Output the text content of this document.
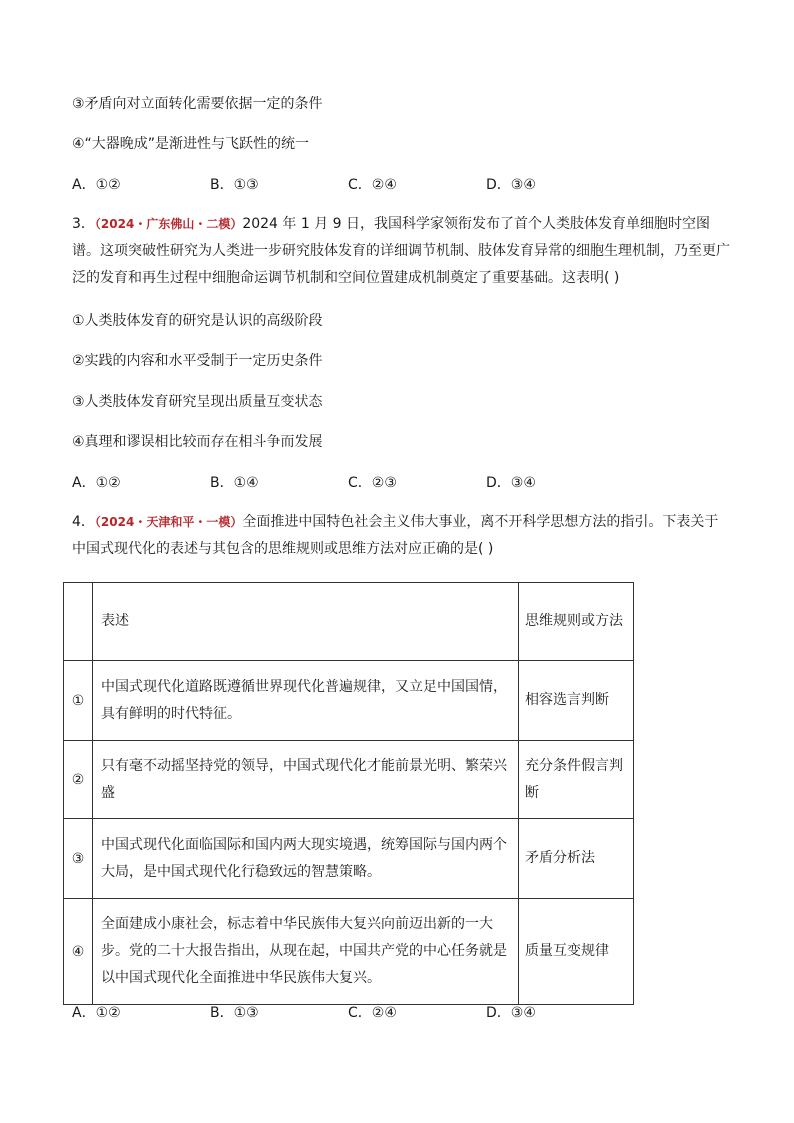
③矛盾向对立面转化需要依据一定的条件
④“大器晚成”是渐进性与飞跃性的统一
A．①②	B．①③	C．②④	D．③④
3．（2024・广东佛山・二模）2024 年 1 月 9 日，我国科学家领衔发布了首个人类肢体发育单细胞时空图谱。这项突破性研究为人类进一步研究肢体发育的详细调节机制、肢体发育异常的细胞生理机制，乃至更广泛的发育和再生过程中细胞命运调节机制和空间位置建成机制奠定了重要基础。这表明( )
①人类肢体发育的研究是认识的高级阶段
②实践的内容和水平受制于一定历史条件
③人类肢体发育研究呈现出质量互变状态
④真理和谬误相比较而存在相斗争而发展
A．①②	B．①④	C．②③	D．③④
4．（2024・天津和平・一模）全面推进中国特色社会主义伟大事业，离不开科学思想方法的指引。下表关于中国式现代化的表述与其包含的思维规则或思维方法对应正确的是( )
	表述	思维规则或方法
①	中国式现代化道路既遵循世界现代化普遍规律，又立足中国国情，具有鲜明的时代特征。	相容选言判断
②	只有毫不动摇坚持党的领导，中国式现代化才能前景光明、繁荣兴盛	充分条件假言判断
③	中国式现代化面临国际和国内两大现实境遇，统筹国际与国内两个大局，是中国式现代化行稳致远的智慧策略。	矛盾分析法
④	全面建成小康社会，标志着中华民族伟大复兴向前迈出新的一大步。党的二十大报告指出，从现在起，中国共产党的中心任务就是以中国式现代化全面推进中华民族伟大复兴。	质量互变规律
A．①②	B．①③	C．②④	D．③④
